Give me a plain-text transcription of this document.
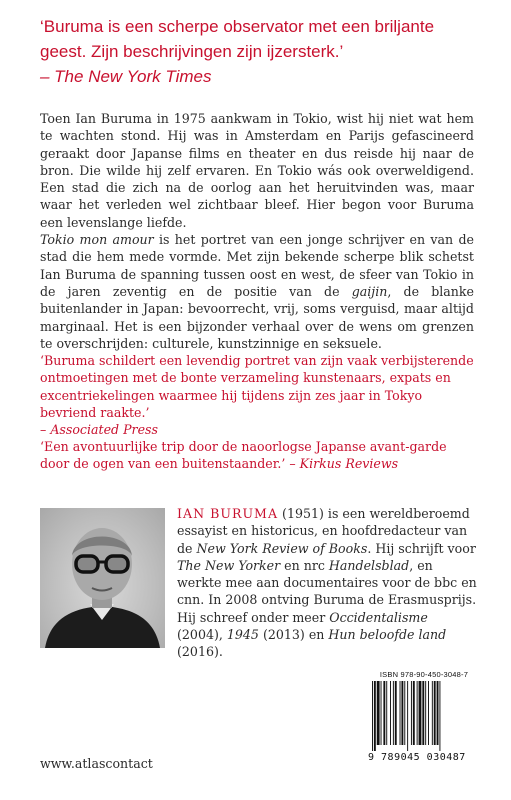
‘Buruma is een scherpe observator met een briljante geest. Zijn beschrijvingen zijn ijzersterk.’
– The New York Times

Toen Ian Buruma in 1975 aankwam in Tokio, wist hij niet wat hem te wachten stond. Hij was in Amsterdam en Parijs gefascineerd geraakt door Japanse films en theater en dus reisde hij naar de bron. Die wilde hij zelf ervaren. En Tokio wás ook overweldigend. Een stad die zich na de oorlog aan het heruitvinden was, maar waar het verleden wel zichtbaar bleef. Hier begon voor Buruma een levenslange liefde.

Tokio mon amour is het portret van een jonge schrijver en van de stad die hem mede vormde. Met zijn bekende scherpe blik schetst Ian Buruma de spanning tussen oost en west, de sfeer van Tokio in de jaren zeventig en de positie van de gaijin, de blanke buitenlander in Japan: bevoorrecht, vrij, soms verguisd, maar altijd marginaal. Het is een bijzonder verhaal over de wens om grenzen te overschrijden: culturele, kunstzinnige en seksuele.

‘Buruma schildert een levendig portret van zijn vaak verbijsterende ontmoetingen met de bonte verzameling kunstenaars, expats en excentriekelingen waarmee hij tijdens zijn zes jaar in Tokyo bevriend raakte.’
– Associated Press
‘Een avontuurlijke trip door de naoorlogse Japanse avant-garde door de ogen van een buitenstaander.’ – Kirkus Reviews
IAN BURUMA (1951) is een wereldberoemd essayist en historicus, en hoofdredacteur van de New York Review of Books. Hij schrijft voor The New Yorker en nrc Handelsblad, en werkte mee aan documentaires voor de bbc en cnn. In 2008 ontving Buruma de Erasmusprijs. Hij schreef onder meer Occidentalisme (2004), 1945 (2013) en Hun beloofde land (2016).
ISBN 978-90-450-3048-7
9 789045 030487
www.atlascontact
